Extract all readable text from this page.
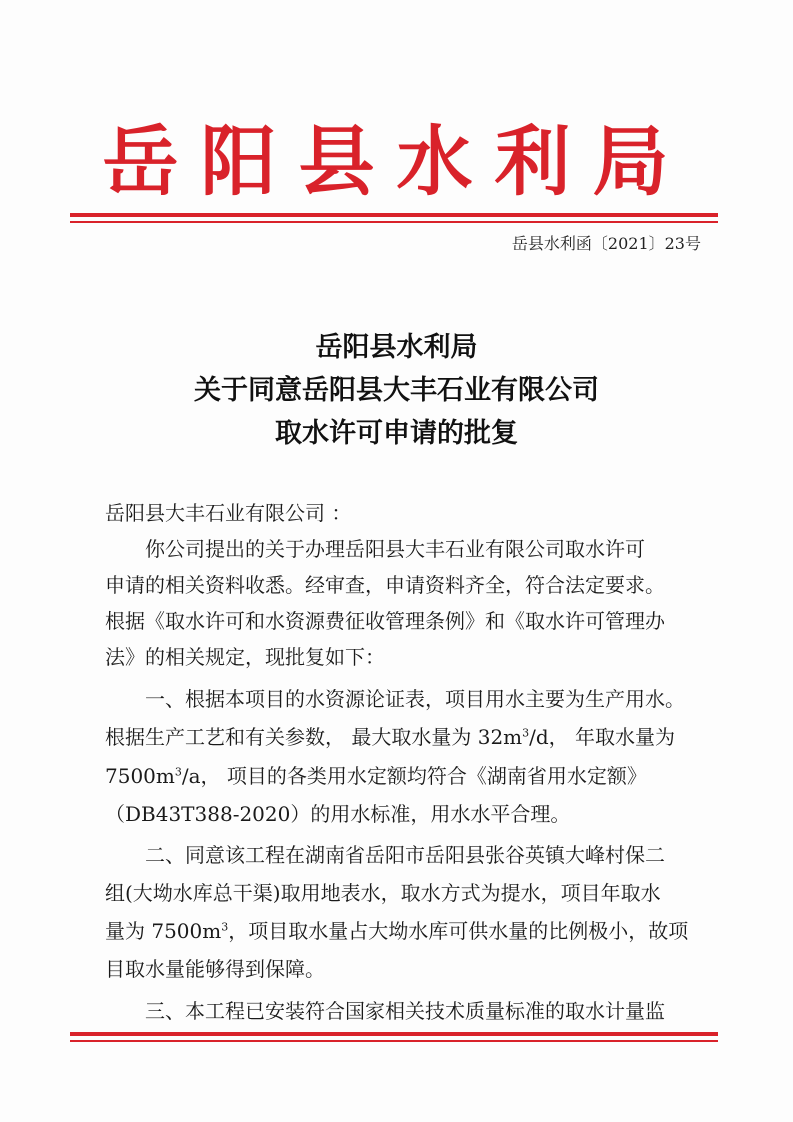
岳阳县水利局
岳县水利函〔2021〕23号
岳阳县水利局
关于同意岳阳县大丰石业有限公司
取水许可申请的批复
岳阳县大丰石业有限公司 ：
你公司提出的关于办理岳阳县大丰石业有限公司取水许可
申请的相关资料收悉。经审查，申请资料齐全，符合法定要求。
根据《取水许可和水资源费征收管理条例》和《取水许可管理办
法》的相关规定，现批复如下：
一、根据本项目的水资源论证表，项目用水主要为生产用水。
根据生产工艺和有关参数， 最大取水量为 $32m^3/d$， 年取水量为
$7500m^3/a$， 项目的各类用水定额均符合《湖南省用水定额》
（DB43T388-2020）的用水标准，用水水平合理。
二、同意该工程在湖南省岳阳市岳阳县张谷英镇大峰村保二
组(大坳水库总干渠)取用地表水，取水方式为提水，项目年取水
量为 $7500m^3$，项目取水量占大坳水库可供水量的比例极小，故项
目取水量能够得到保障。
三、本工程已安装符合国家相关技术质量标准的取水计量监
